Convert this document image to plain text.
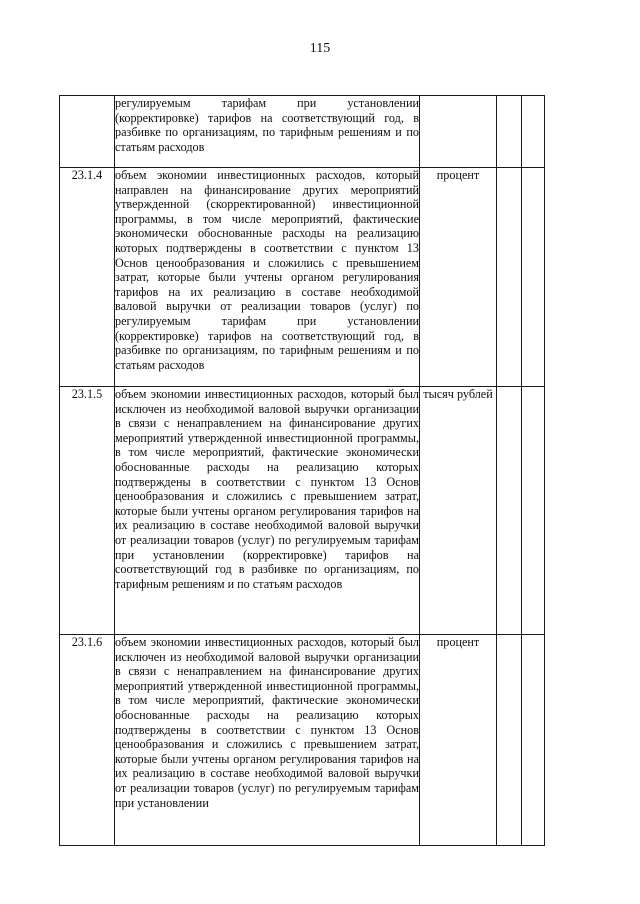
115

	регулируемым тарифам при установлении (корректировке) тарифов на соответствующий год, в разбивке по организациям, по тарифным решениям и по статьям расходов			

23.1.4	объем экономии инвестиционных расходов, который направлен на финансирование других мероприятий утвержденной (скорректированной) инвестиционной программы, в том числе мероприятий, фактические экономически обоснованные расходы на реализацию которых подтверждены в соответствии с пунктом 13 Основ ценообразования и сложились с превышением затрат, которые были учтены органом регулирования тарифов на их реализацию в составе необходимой валовой выручки от реализации товаров (услуг) по регулируемым тарифам при установлении (корректировке) тарифов на соответствующий год, в разбивке по организациям, по тарифным решениям и по статьям расходов	процент		
23.1.5	объем экономии инвестиционных расходов, который был исключен из необходимой валовой выручки организации в связи с ненаправлением на финансирование других мероприятий утвержденной инвестиционной программы, в том числе мероприятий, фактические экономически обоснованные расходы на реализацию которых подтверждены в соответствии с пунктом 13 Основ ценообразования и сложились с превышением затрат, которые были учтены органом регулирования тарифов на их реализацию в составе необходимой валовой выручки от реализации товаров (услуг) по регулируемым тарифам при установлении (корректировке) тарифов на соответствующий год в разбивке по организациям, по тарифным решениям и по статьям расходов	тысяч рублей		
23.1.6	объем экономии инвестиционных расходов, который был исключен из необходимой валовой выручки организации в связи с ненаправлением на финансирование других мероприятий утвержденной инвестиционной программы, в том числе мероприятий, фактические экономически обоснованные расходы на реализацию которых подтверждены в соответствии с пунктом 13 Основ ценообразования и сложились с превышением затрат, которые были учтены органом регулирования тарифов на их реализацию в составе необходимой валовой выручки от реализации товаров (услуг) по регулируемым тарифам при установлении	процент		
